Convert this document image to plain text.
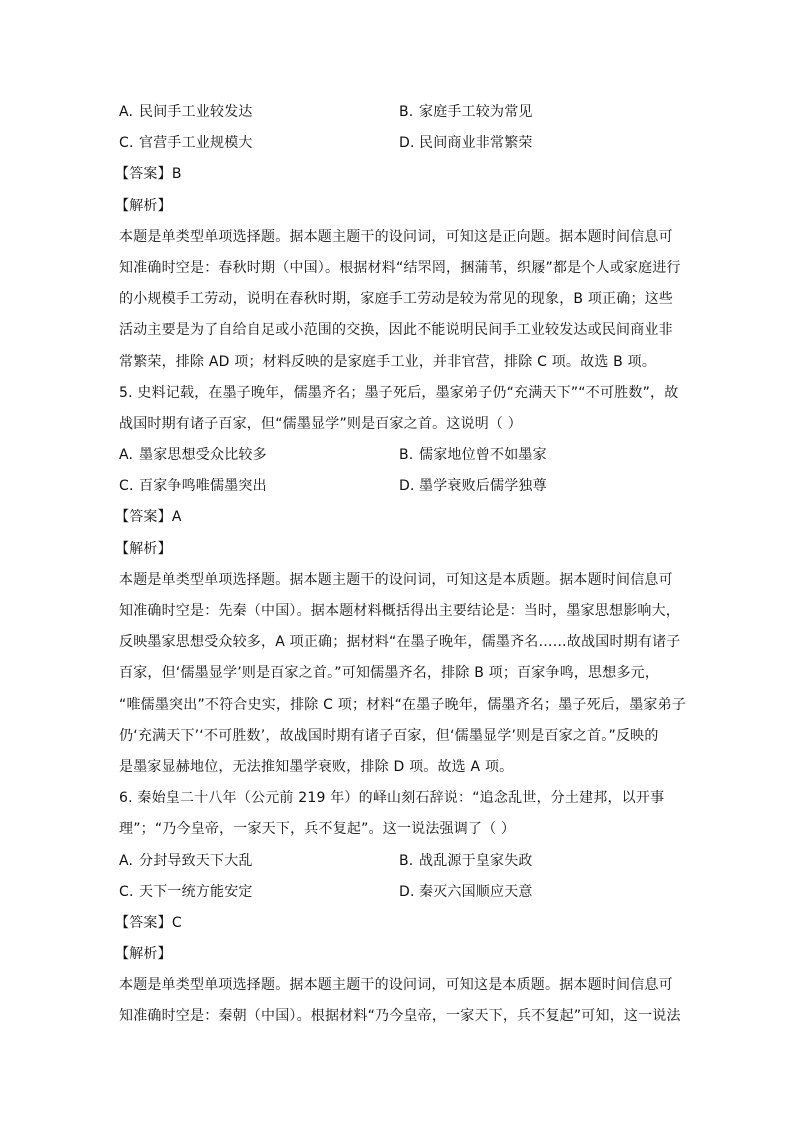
A. 民间手工业较发达	B. 家庭手工较为常见
C. 官营手工业规模大	D. 民间商业非常繁荣
【答案】B
【解析】
本题是单类型单项选择题。据本题主题干的设问词，可知这是正向题。据本题时间信息可
知准确时空是：春秋时期（中国）。根据材料“结罘罔，捆蒲苇，织屦”都是个人或家庭进行
的小规模手工劳动，说明在春秋时期，家庭手工劳动是较为常见的现象，B 项正确；这些
活动主要是为了自给自足或小范围的交换，因此不能说明民间手工业较发达或民间商业非
常繁荣，排除 AD 项；材料反映的是家庭手工业，并非官营，排除 C 项。故选 B 项。
5. 史料记载，在墨子晚年，儒墨齐名；墨子死后，墨家弟子仍“充满天下”“不可胜数”，故
战国时期有诸子百家，但“儒墨显学”则是百家之首。这说明（ ）
A. 墨家思想受众比较多	B. 儒家地位曾不如墨家
C. 百家争鸣唯儒墨突出	D. 墨学衰败后儒学独尊
【答案】A
【解析】
本题是单类型单项选择题。据本题主题干的设问词，可知这是本质题。据本题时间信息可
知准确时空是：先秦（中国）。据本题材料概括得出主要结论是：当时，墨家思想影响大，
反映墨家思想受众较多，A 项正确；据材料“在墨子晚年，儒墨齐名……故战国时期有诸子
百家，但‘儒墨显学’则是百家之首。”可知儒墨齐名，排除 B 项；百家争鸣，思想多元，
“唯儒墨突出”不符合史实，排除 C 项；材料“在墨子晚年，儒墨齐名；墨子死后，墨家弟子
仍‘充满天下’‘不可胜数’，故战国时期有诸子百家，但‘儒墨显学’则是百家之首。”反映的
是墨家显赫地位，无法推知墨学衰败，排除 D 项。故选 A 项。
6. 秦始皇二十八年（公元前 219 年）的峄山刻石辞说：“追念乱世，分土建邦，以开事
理”；“乃今皇帝，一家天下，兵不复起”。这一说法强调了（ ）
A. 分封导致天下大乱	B. 战乱源于皇家失政
C. 天下一统方能安定	D. 秦灭六国顺应天意
【答案】C
【解析】
本题是单类型单项选择题。据本题主题干的设问词，可知这是本质题。据本题时间信息可
知准确时空是：秦朝（中国）。根据材料“乃今皇帝，一家天下，兵不复起”可知，这一说法
